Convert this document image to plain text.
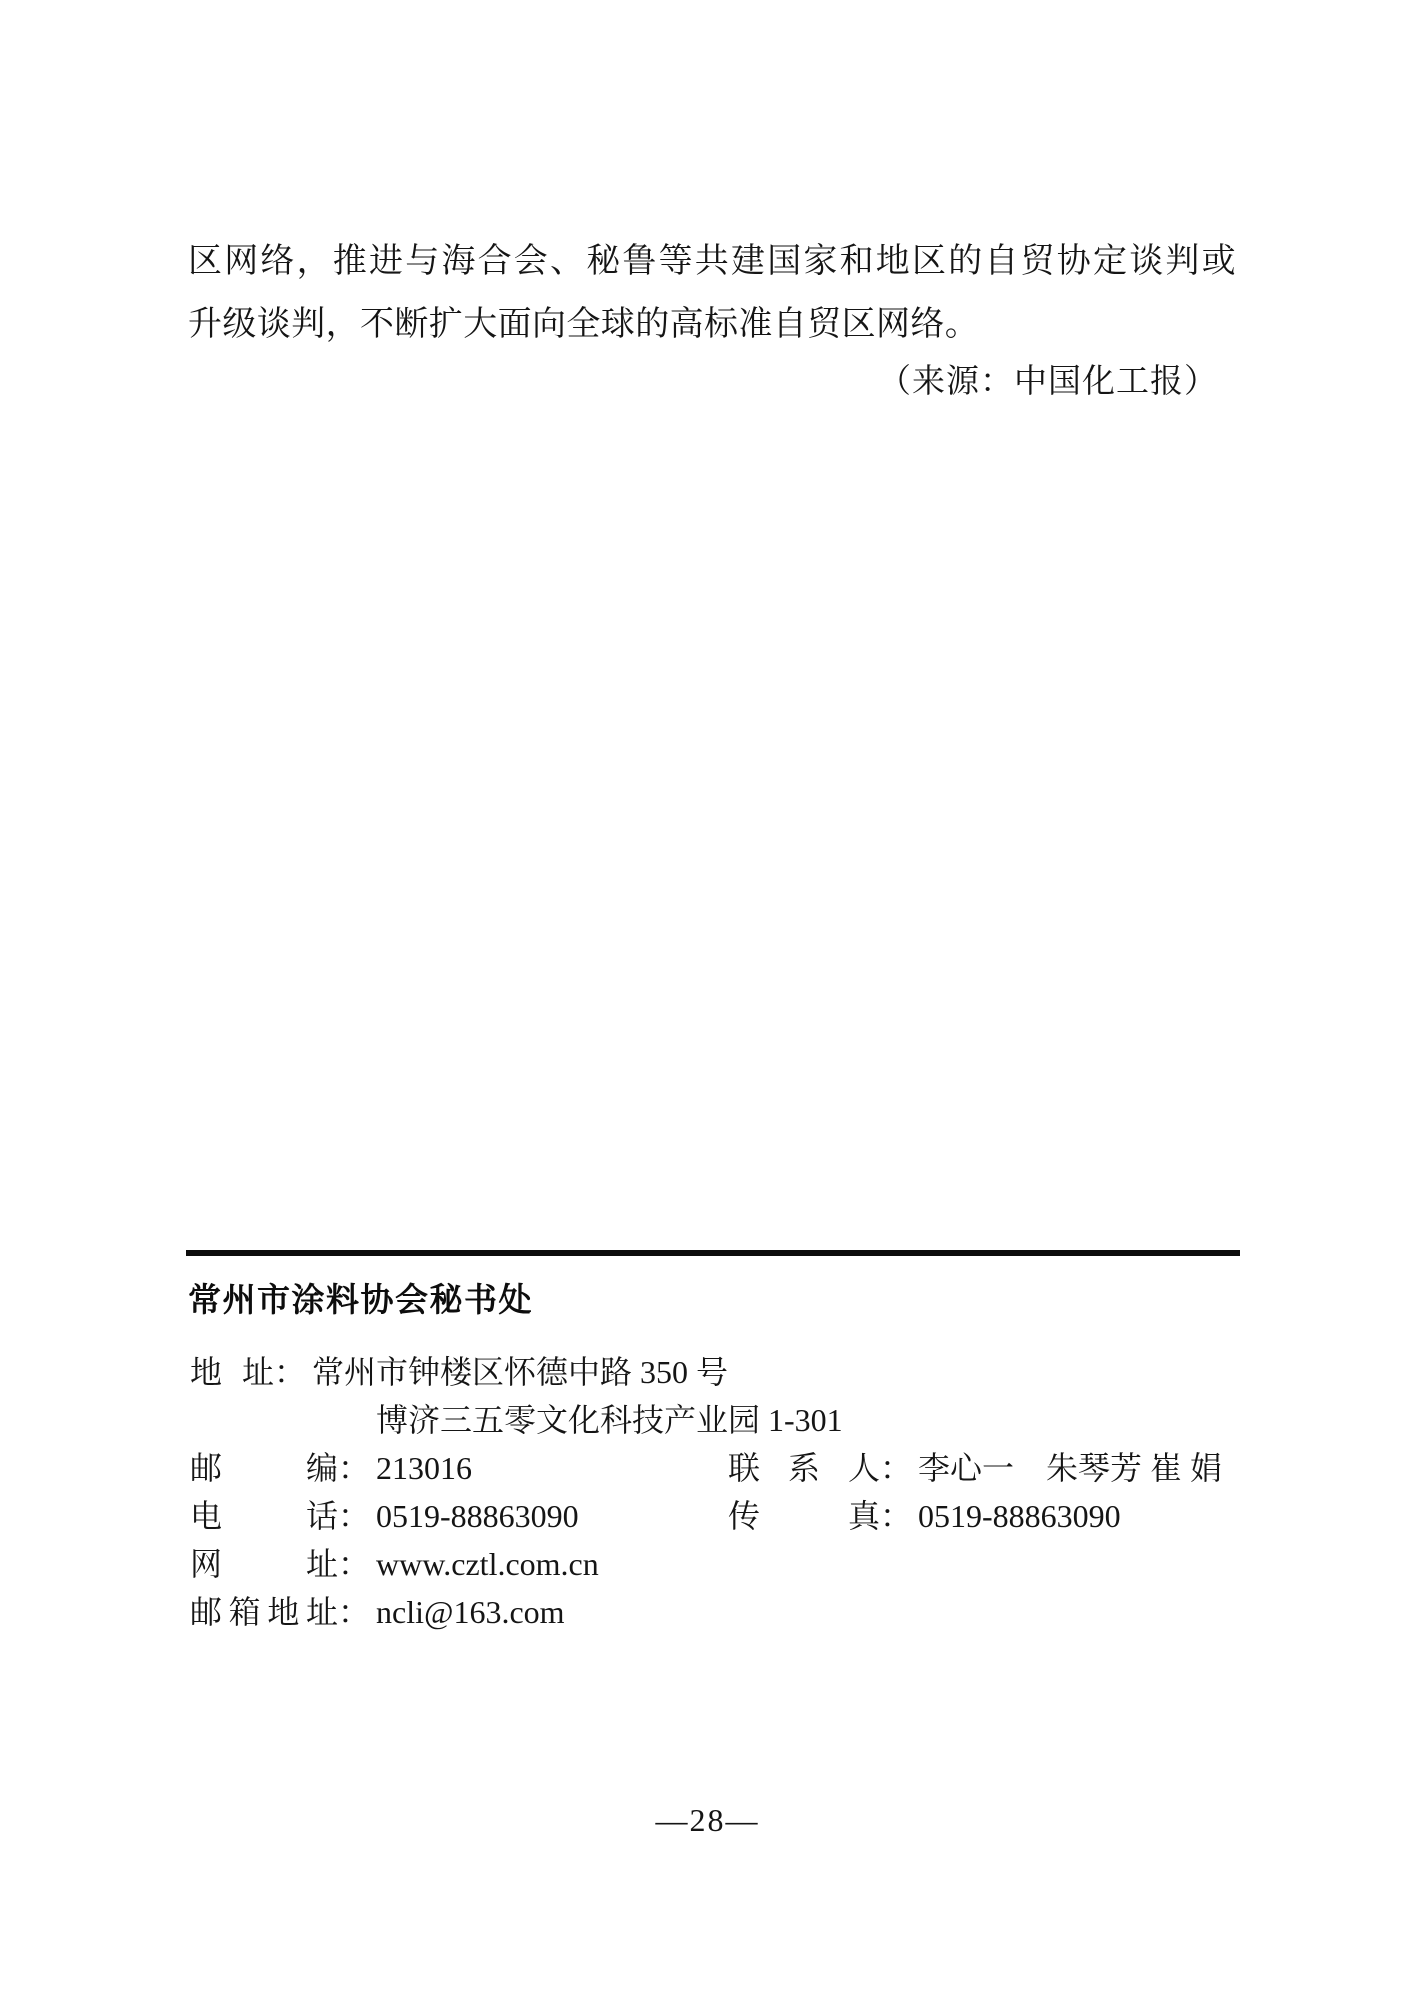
区网络，推进与海合会、秘鲁等共建国家和地区的自贸协定谈判或
升级谈判，不断扩大面向全球的高标准自贸区网络。
（来源：中国化工报）
常州市涂料协会秘书处
地址 ： 常州市钟楼区怀德中路 350 号
博济三五零文化科技产业园 1-301
邮编 ： 213016	联系人 ： 李心一　朱琴芳 崔 娟
电话 ： 0519-88863090	传真 ： 0519-88863090
网址 ： www.cztl.com.cn
邮箱地址 ： ncli@163.com
—28—
